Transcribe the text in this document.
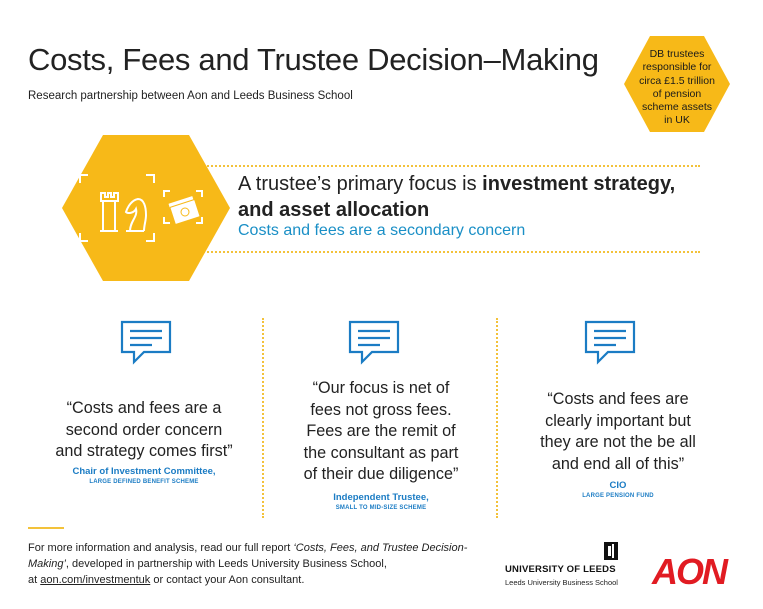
Costs, Fees and Trustee Decision–Making
Research partnership between Aon and Leeds Business School
DB trustees
responsible for
circa £1.5 trillion
of pension
scheme assets
in UK
A trustee’s primary focus is investment strategy,
and asset allocation
Costs and fees are a secondary concern
“Costs and fees are a
second order concern
and strategy comes first”
Chair of Investment Committee,
LARGE DEFINED BENEFIT SCHEME
“Our focus is net of
fees not gross fees.
Fees are the remit of
the consultant as part
of their due diligence”
Independent Trustee,
SMALL TO MID-SIZE SCHEME
“Costs and fees are
clearly important but
they are not the be all
and end all of this”
CIO
LARGE PENSION FUND
For more information and analysis, read our full report ‘Costs, Fees, and Trustee Decision-Making’, developed in partnership with Leeds University Business School,
at aon.com/investmentuk or contact your Aon consultant.
UNIVERSITY OF LEEDS
Leeds University Business School AON
